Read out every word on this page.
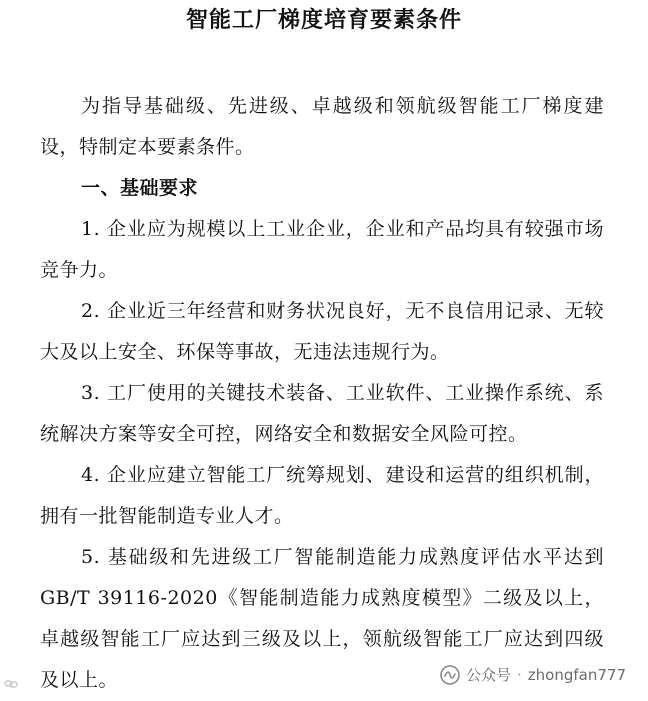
智能工厂梯度培育要素条件

为指导基础级、先进级、卓越级和领航级智能工厂梯度建设，特制定本要素条件。

一、基础要求

1. 企业应为规模以上工业企业，企业和产品均具有较强市场竞争力。

2. 企业近三年经营和财务状况良好，无不良信用记录、无较大及以上安全、环保等事故，无违法违规行为。

3. 工厂使用的关键技术装备、工业软件、工业操作系统、系统解决方案等安全可控，网络安全和数据安全风险可控。

4. 企业应建立智能工厂统筹规划、建设和运营的组织机制，拥有一批智能制造专业人才。

5. 基础级和先进级工厂智能制造能力成熟度评估水平达到 GB/T 39116-2020《智能制造能力成熟度模型》二级及以上，卓越级智能工厂应达到三级及以上，领航级智能工厂应达到四级及以上。	公众号 · zhongfan777
